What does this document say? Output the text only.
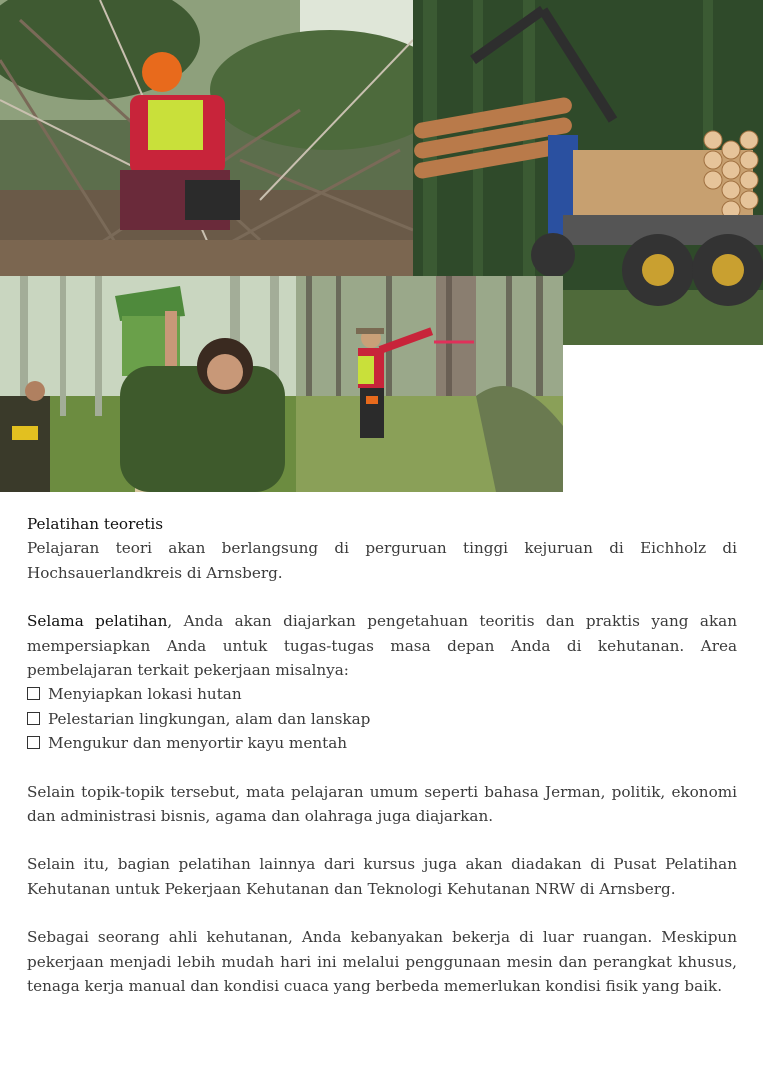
Pelatihan teoretis

Pelajaran teori akan berlangsung di perguruan tinggi kejuruan di Eichholz di Hochsauerlandkreis di Arnsberg.

Selama pelatihan, Anda akan diajarkan pengetahuan teoritis dan praktis yang akan mempersiapkan Anda untuk tugas-tugas masa depan Anda di kehutanan. Area pembelajaran terkait pekerjaan misalnya:

Menyiapkan lokasi hutan
Pelestarian lingkungan, alam dan lanskap
Mengukur dan menyortir kayu mentah

Selain topik-topik tersebut, mata pelajaran umum seperti bahasa Jerman, politik, ekonomi dan administrasi bisnis, agama dan olahraga juga diajarkan.

Selain itu, bagian pelatihan lainnya dari kursus juga akan diadakan di Pusat Pelatihan Kehutanan untuk Pekerjaan Kehutanan dan Teknologi Kehutanan NRW di Arnsberg.

Sebagai seorang ahli kehutanan, Anda kebanyakan bekerja di luar ruangan. Meskipun pekerjaan menjadi lebih mudah hari ini melalui penggunaan mesin dan perangkat khusus, tenaga kerja manual dan kondisi cuaca yang berbeda memerlukan kondisi fisik yang baik.
